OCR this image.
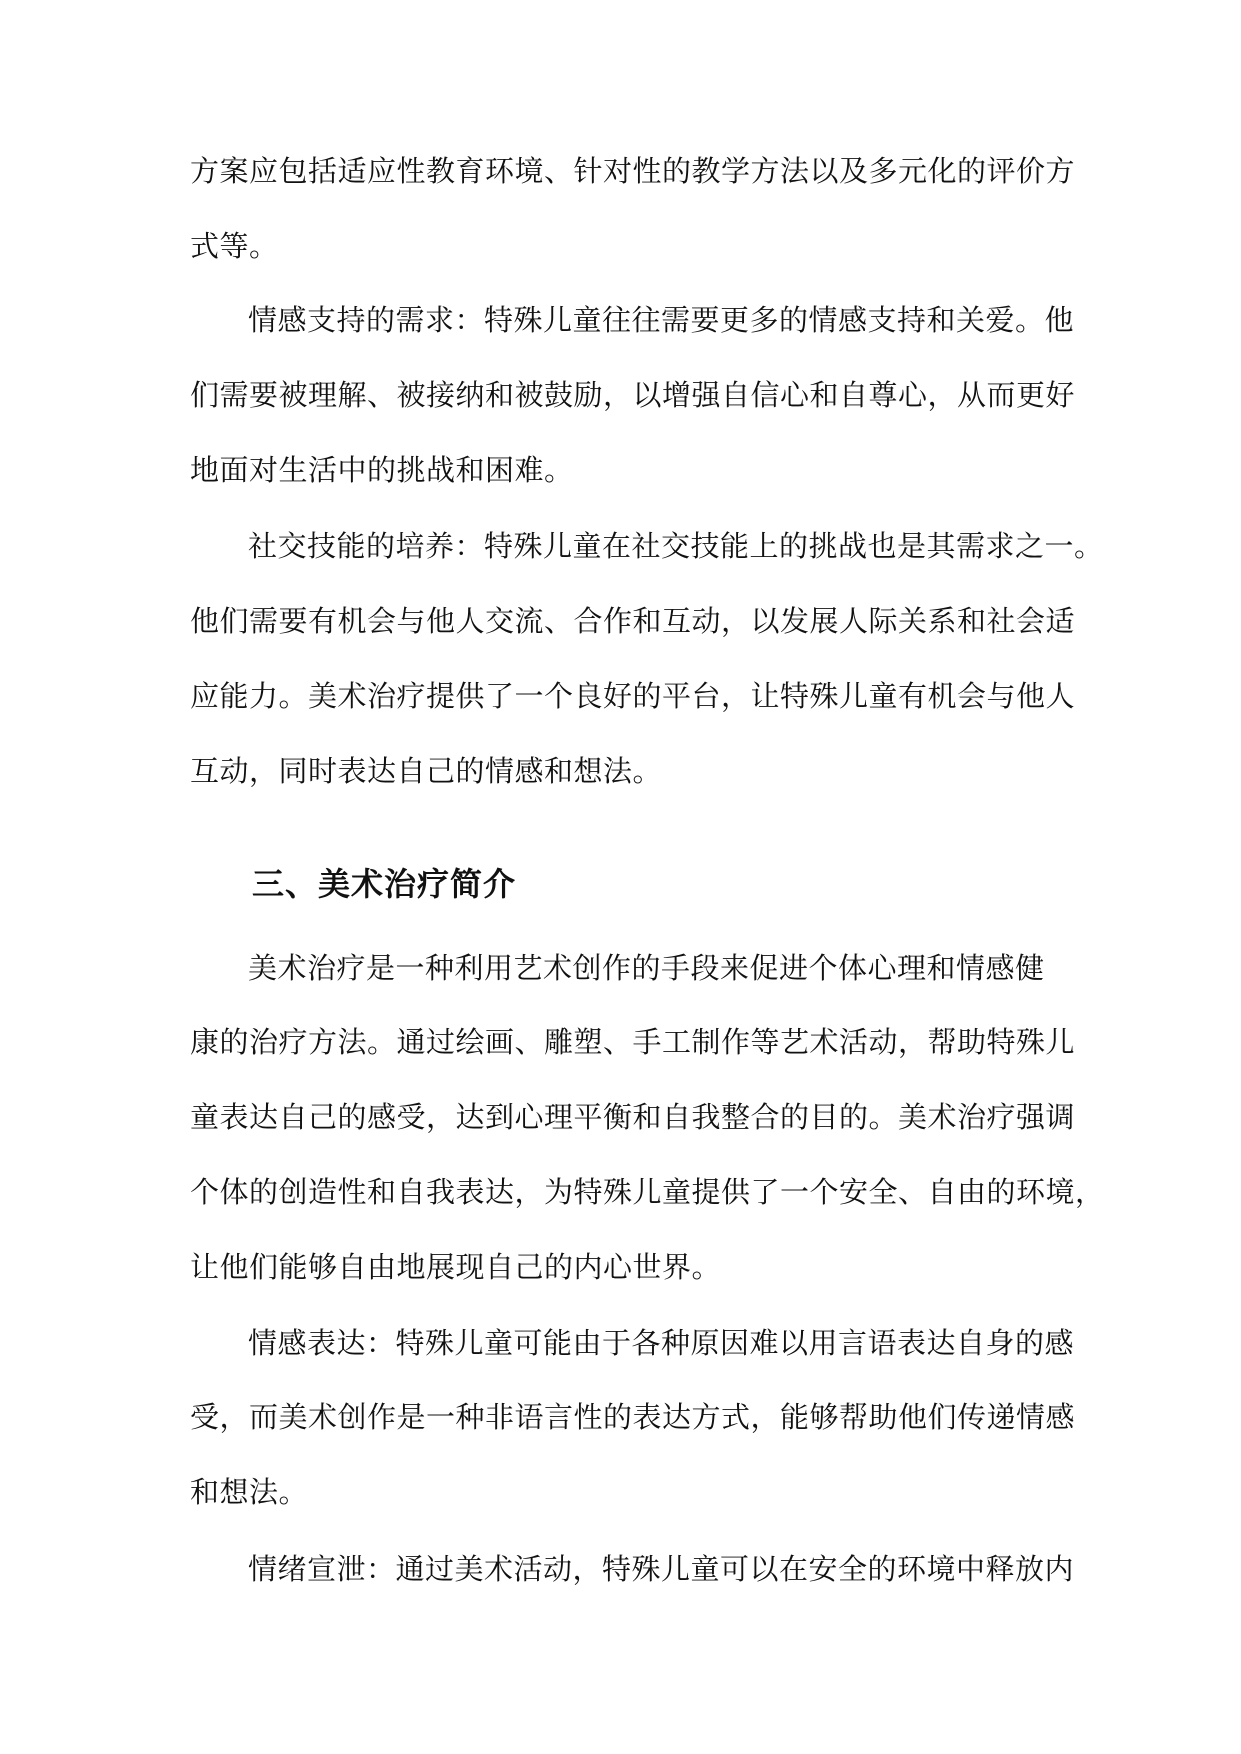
方案应包括适应性教育环境、针对性的教学方法以及多元化的评价方
式等。
情感支持的需求：特殊儿童往往需要更多的情感支持和关爱。他
们需要被理解、被接纳和被鼓励，以增强自信心和自尊心，从而更好
地面对生活中的挑战和困难。
社交技能的培养：特殊儿童在社交技能上的挑战也是其需求之一。
他们需要有机会与他人交流、合作和互动，以发展人际关系和社会适
应能力。美术治疗提供了一个良好的平台，让特殊儿童有机会与他人
互动，同时表达自己的情感和想法。
三、美术治疗简介
美术治疗是一种利用艺术创作的手段来促进个体心理和情感健
康的治疗方法。通过绘画、雕塑、手工制作等艺术活动，帮助特殊儿
童表达自己的感受，达到心理平衡和自我整合的目的。美术治疗强调
个体的创造性和自我表达，为特殊儿童提供了一个安全、自由的环境，
让他们能够自由地展现自己的内心世界。
情感表达：特殊儿童可能由于各种原因难以用言语表达自身的感
受，而美术创作是一种非语言性的表达方式，能够帮助他们传递情感
和想法。
情绪宣泄：通过美术活动，特殊儿童可以在安全的环境中释放内
